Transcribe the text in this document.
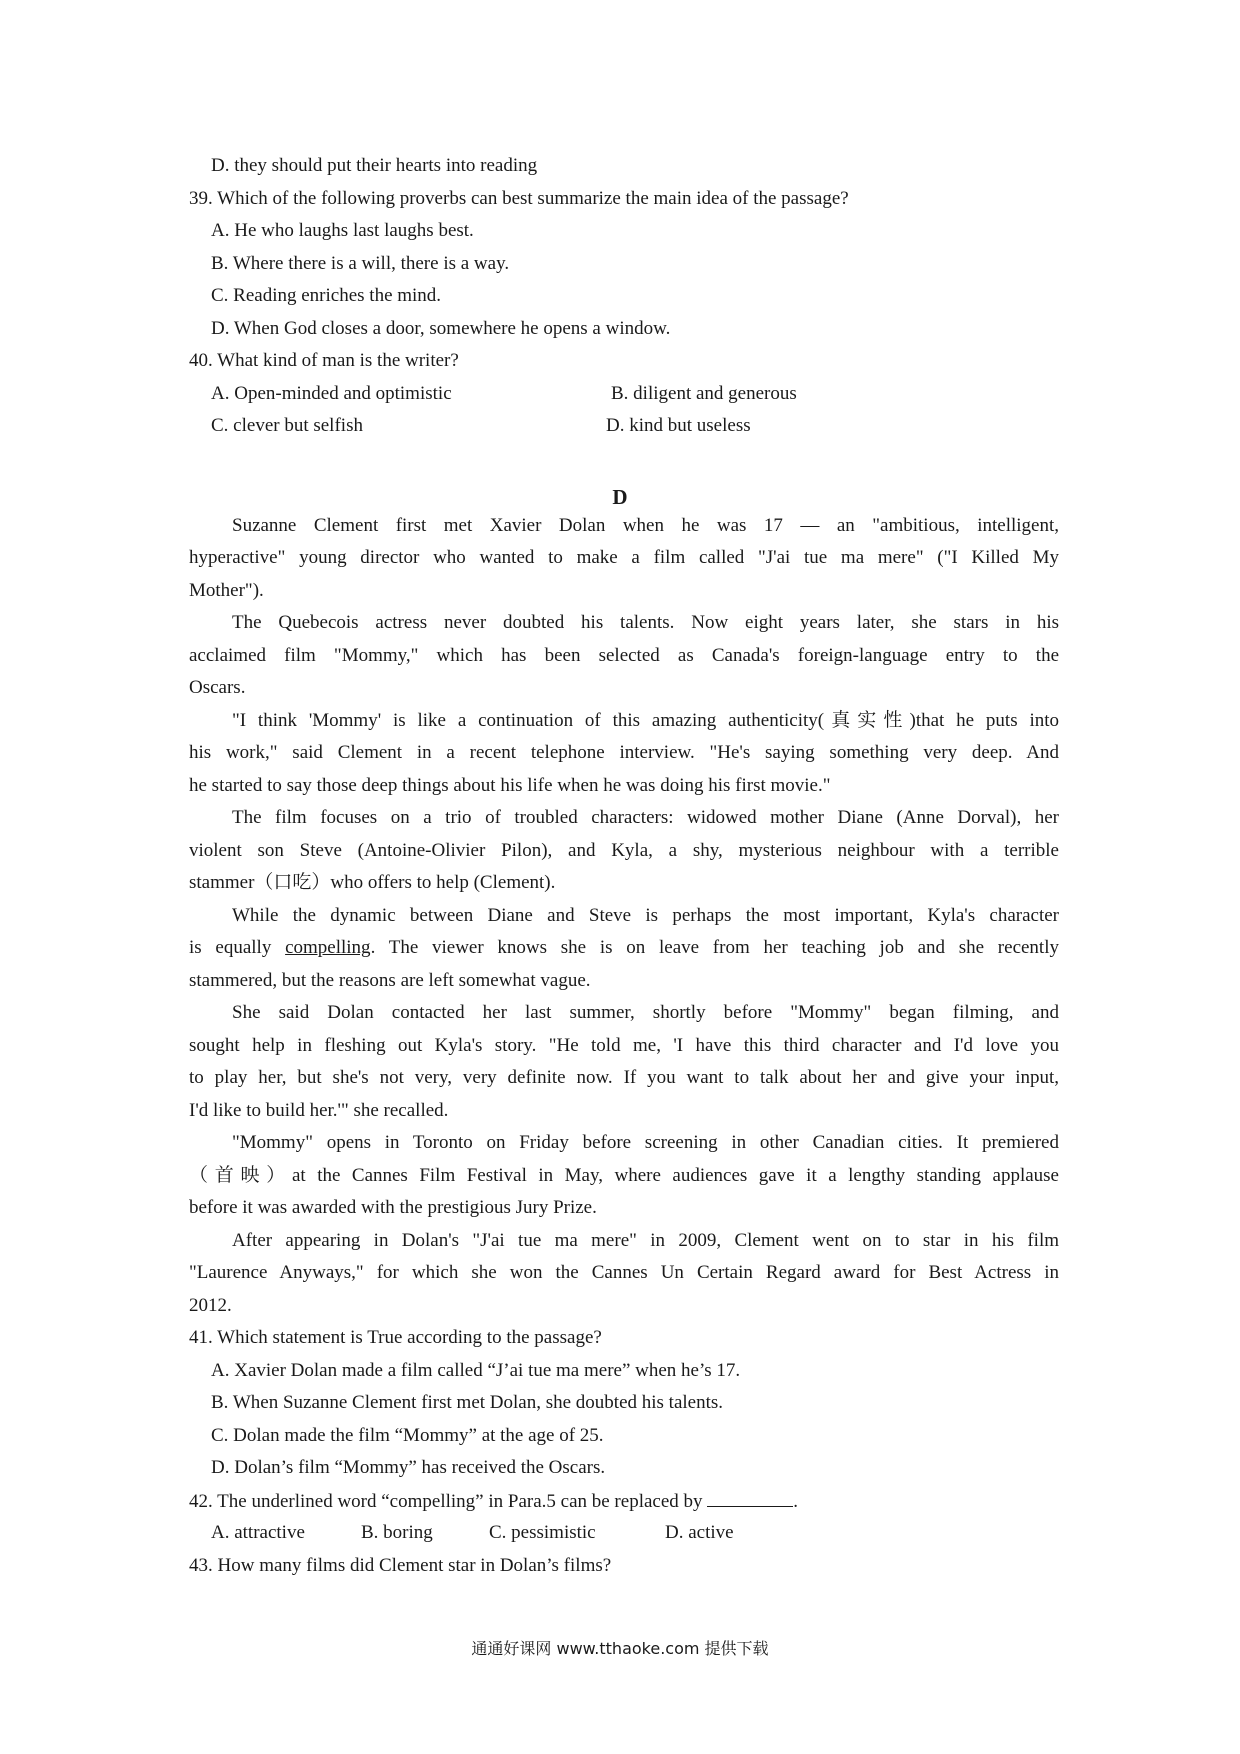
D. they should put their hearts into reading
39. Which of the following proverbs can best summarize the main idea of the passage?
A. He who laughs last laughs best.
B. Where there is a will, there is a way.
C. Reading enriches the mind.
D. When God closes a door, somewhere he opens a window.
40. What kind of man is the writer?
A. Open-minded and optimistic	B. diligent and generous
C. clever but selfish	D. kind but useless
D
Suzanne Clement first met Xavier Dolan when he was 17 — an "ambitious, intelligent,
hyperactive" young director who wanted to make a film called "J'ai tue ma mere" ("I Killed My
Mother").
The Quebecois actress never doubted his talents. Now eight years later, she stars in his
acclaimed film "Mommy," which has been selected as Canada's foreign-language entry to the
Oscars.
"I think 'Mommy' is like a continuation of this amazing authenticity(真实性)that he puts into
his work," said Clement in a recent telephone interview. "He's saying something very deep. And
he started to say those deep things about his life when he was doing his first movie."
The film focuses on a trio of troubled characters: widowed mother Diane (Anne Dorval), her
violent son Steve (Antoine-Olivier Pilon), and Kyla, a shy, mysterious neighbour with a terrible
stammer（口吃）who offers to help (Clement).
While the dynamic between Diane and Steve is perhaps the most important, Kyla's character
is equally compelling. The viewer knows she is on leave from her teaching job and she recently
stammered, but the reasons are left somewhat vague.
She said Dolan contacted her last summer, shortly before "Mommy" began filming, and
sought help in fleshing out Kyla's story. "He told me, 'I have this third character and I'd love you
to play her, but she's not very, very definite now. If you want to talk about her and give your input,
I'd like to build her.'" she recalled.
"Mommy" opens in Toronto on Friday before screening in other Canadian cities. It premiered
（首映）at the Cannes Film Festival in May, where audiences gave it a lengthy standing applause
before it was awarded with the prestigious Jury Prize.
After appearing in Dolan's "J'ai tue ma mere" in 2009, Clement went on to star in his film
"Laurence Anyways," for which she won the Cannes Un Certain Regard award for Best Actress in
2012.
41. Which statement is True according to the passage?
A. Xavier Dolan made a film called “J’ai tue ma mere” when he’s 17.
B. When Suzanne Clement first met Dolan, she doubted his talents.
C. Dolan made the film “Mommy” at the age of 25.
D. Dolan’s film “Mommy” has received the Oscars.
42. The underlined word “compelling” in Para.5 can be replaced by	.
A. attractive	B. boring	C. pessimistic	D. active
43. How many films did Clement star in Dolan’s films?
通通好课网 www.tthaoke.com 提供下载
